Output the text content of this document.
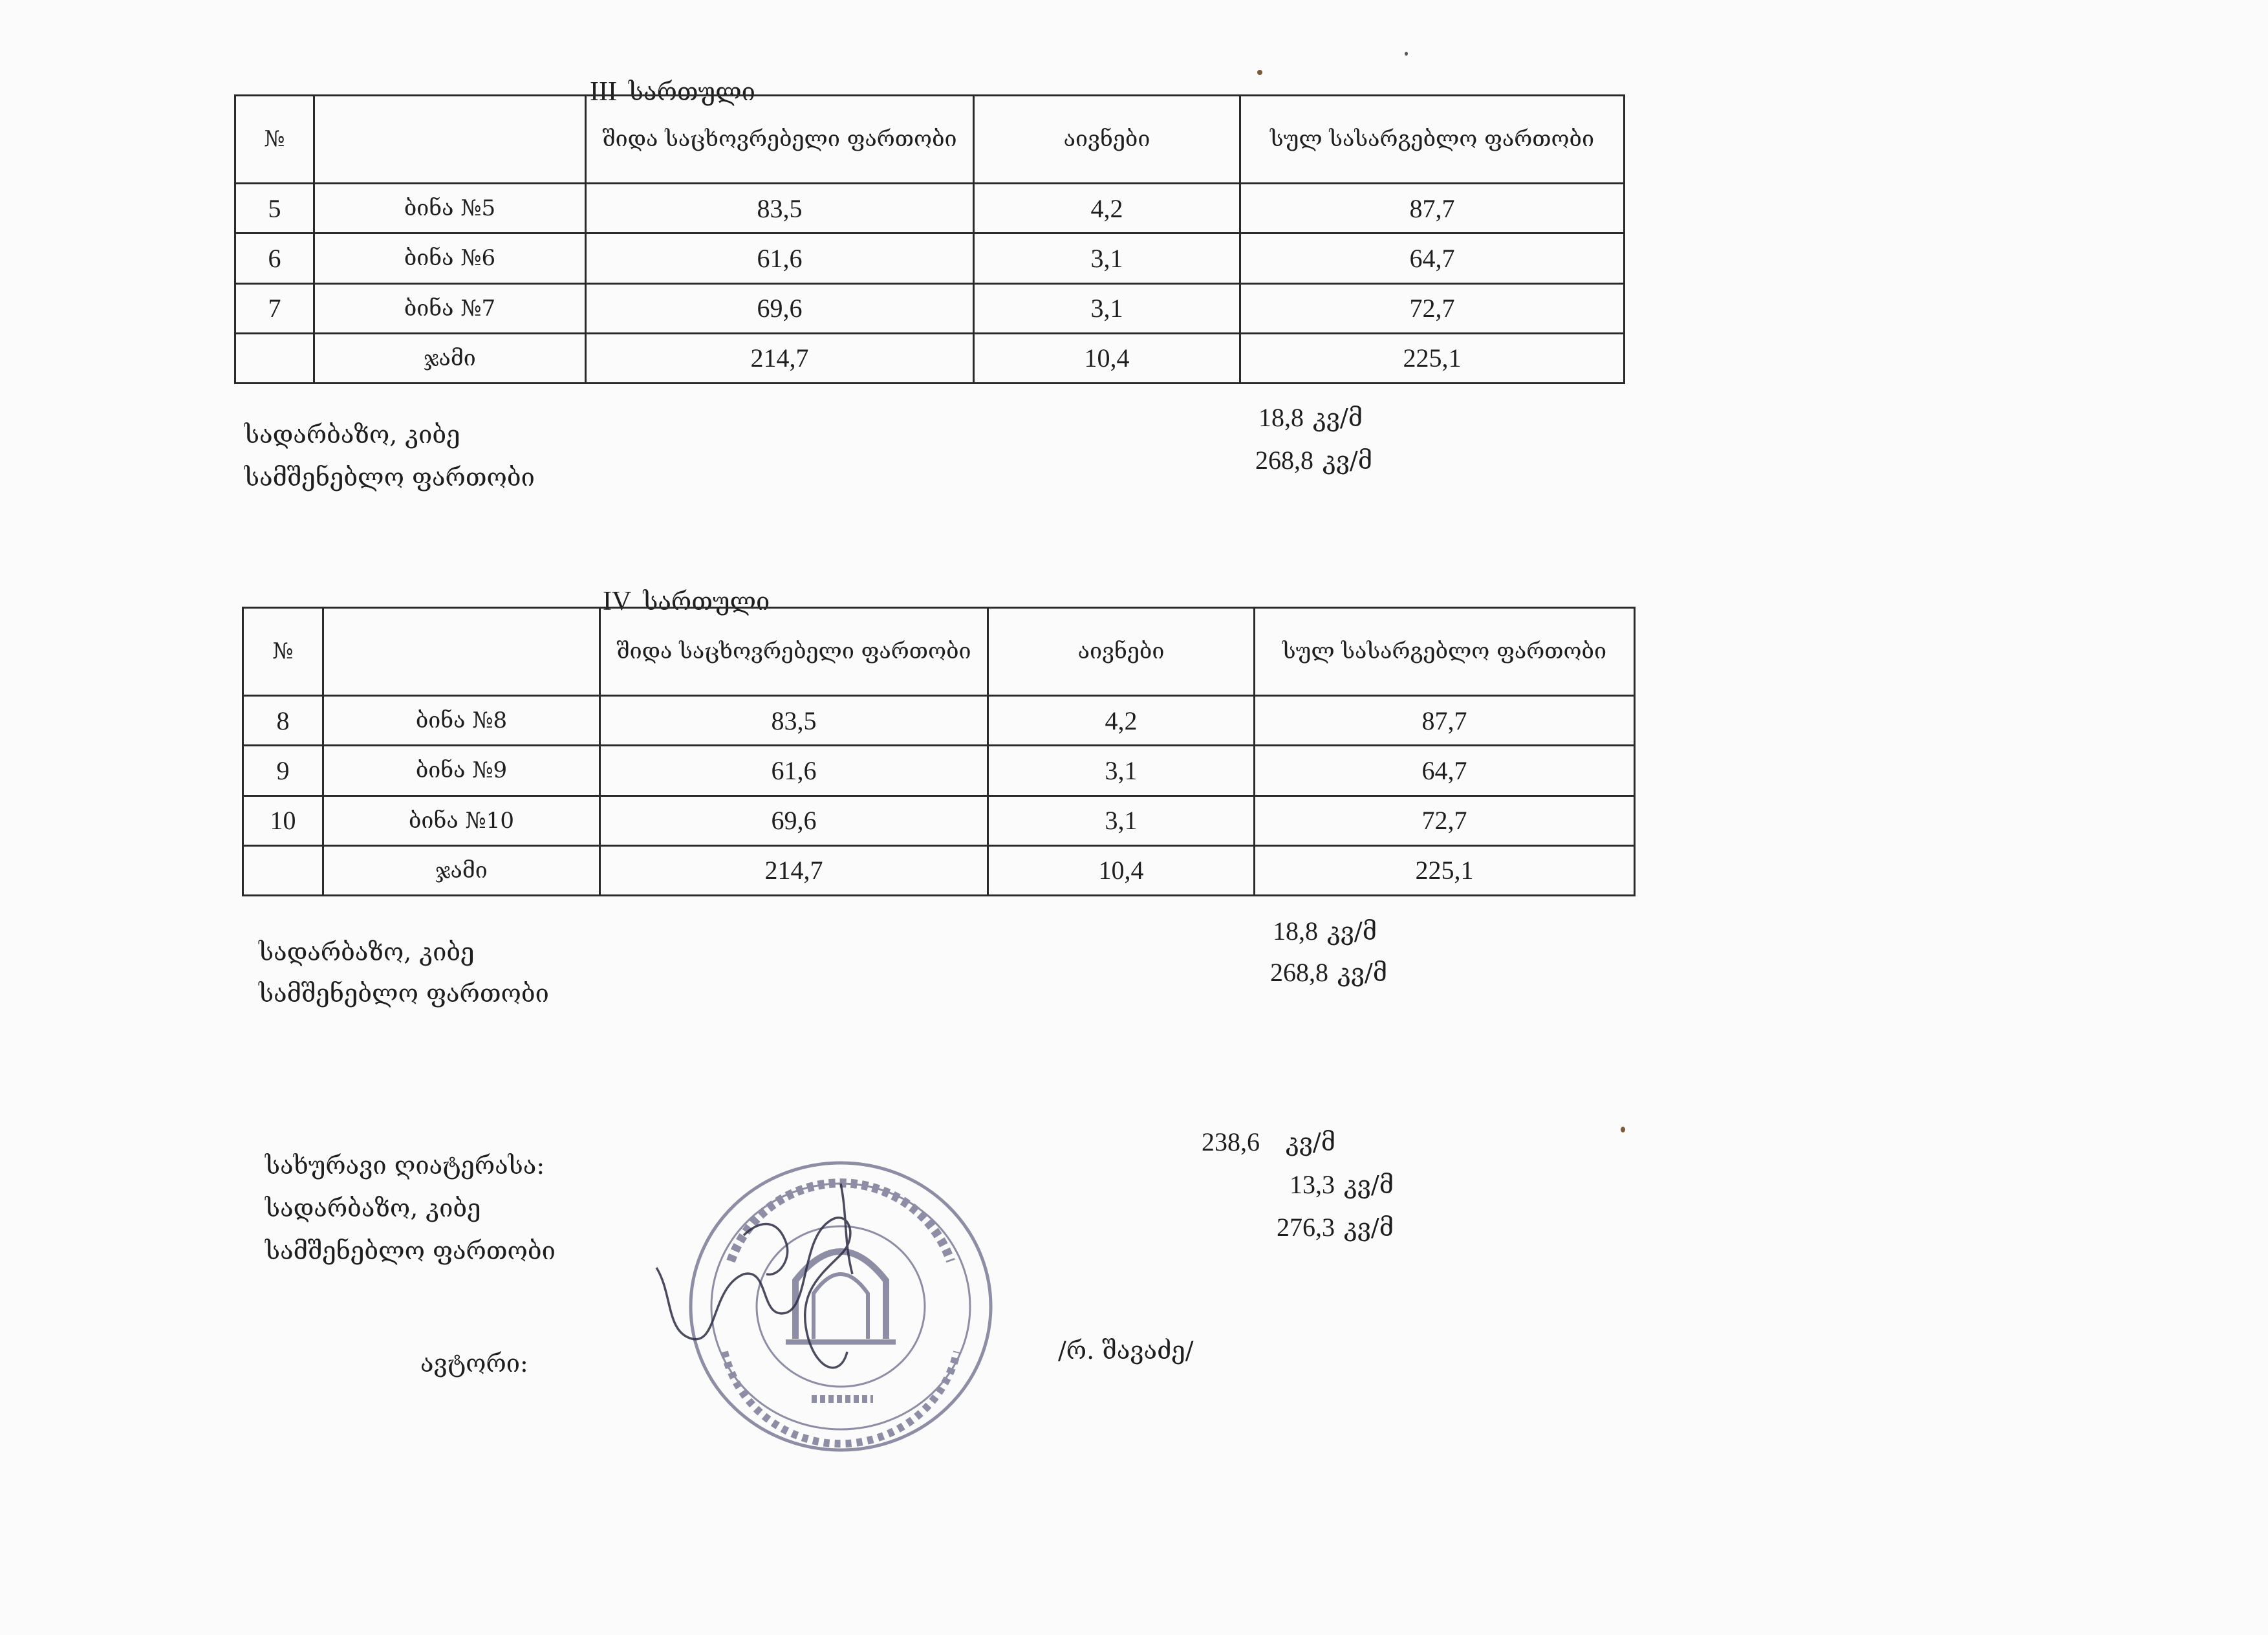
III სართული
№		შიდა საცხოვრებელი ფართობი	აივნები	სულ სასარგებლო ფართობი
5	ბინა №5	83,5	4,2	87,7
6	ბინა №6	61,6	3,1	64,7
7	ბინა №7	69,6	3,1	72,7
	ჯამი	214,7	10,4	225,1
სადარბაზო, კიბე
სამშენებლო ფართობი
18,8 კვ/მ
268,8 კვ/მ
IV სართული
№		შიდა საცხოვრებელი ფართობი	აივნები	სულ სასარგებლო ფართობი
8	ბინა №8	83,5	4,2	87,7
9	ბინა №9	61,6	3,1	64,7
10	ბინა №10	69,6	3,1	72,7
	ჯამი	214,7	10,4	225,1
სადარბაზო, კიბე
სამშენებლო ფართობი
18,8 კვ/მ
268,8 კვ/მ
სახურავი ღიატერასა:
სადარბაზო, კიბე
სამშენებლო ფართობი
238,6 კვ/მ
13,3 კვ/მ
276,3 კვ/მ
ავტორი:	/რ. შავაძე/
